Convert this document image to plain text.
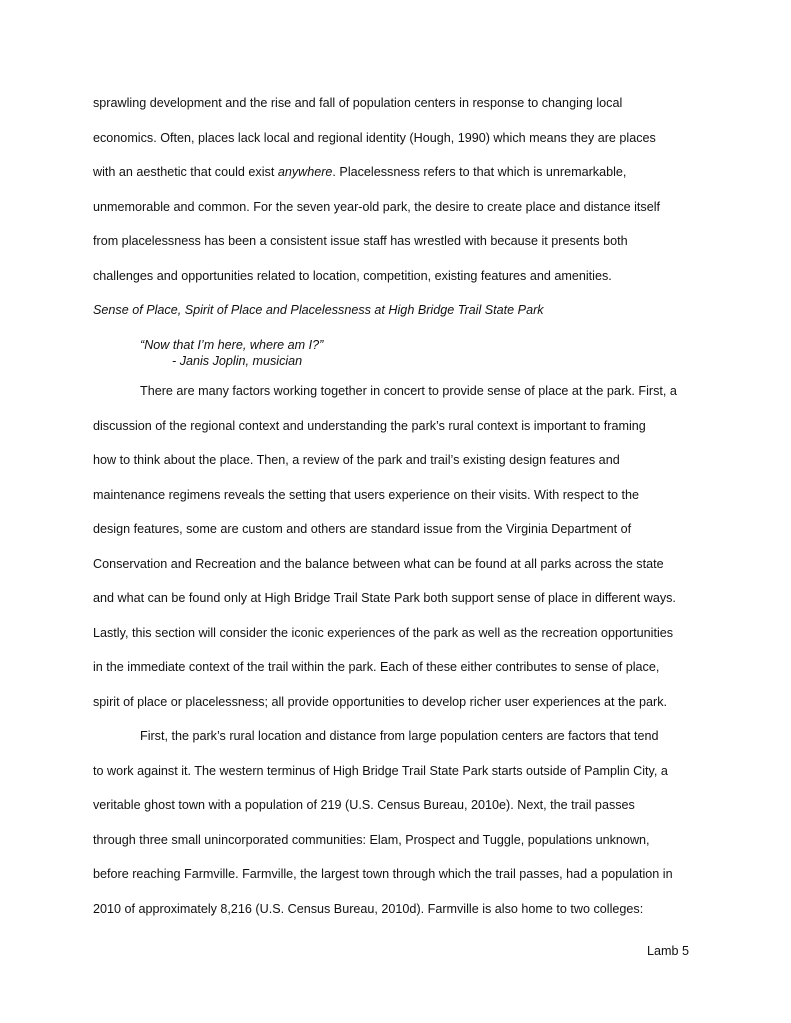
sprawling development and the rise and fall of population centers in response to changing local
economics. Often, places lack local and regional identity (Hough, 1990) which means they are places
with an aesthetic that could exist anywhere. Placelessness refers to that which is unremarkable,
unmemorable and common. For the seven year-old park, the desire to create place and distance itself
from placelessness has been a consistent issue staff has wrestled with because it presents both
challenges and opportunities related to location, competition, existing features and amenities.
Sense of Place, Spirit of Place and Placelessness at High Bridge Trail State Park
“Now that I’m here, where am I?”
- Janis Joplin, musician
There are many factors working together in concert to provide sense of place at the park. First, a
discussion of the regional context and understanding the park’s rural context is important to framing
how to think about the place. Then, a review of the park and trail’s existing design features and
maintenance regimens reveals the setting that users experience on their visits. With respect to the
design features, some are custom and others are standard issue from the Virginia Department of
Conservation and Recreation and the balance between what can be found at all parks across the state
and what can be found only at High Bridge Trail State Park both support sense of place in different ways.
Lastly, this section will consider the iconic experiences of the park as well as the recreation opportunities
in the immediate context of the trail within the park. Each of these either contributes to sense of place,
spirit of place or placelessness; all provide opportunities to develop richer user experiences at the park.
First, the park’s rural location and distance from large population centers are factors that tend
to work against it. The western terminus of High Bridge Trail State Park starts outside of Pamplin City, a
veritable ghost town with a population of 219 (U.S. Census Bureau, 2010e). Next, the trail passes
through three small unincorporated communities: Elam, Prospect and Tuggle, populations unknown,
before reaching Farmville. Farmville, the largest town through which the trail passes, had a population in
2010 of approximately 8,216 (U.S. Census Bureau, 2010d). Farmville is also home to two colleges:
Lamb 5
